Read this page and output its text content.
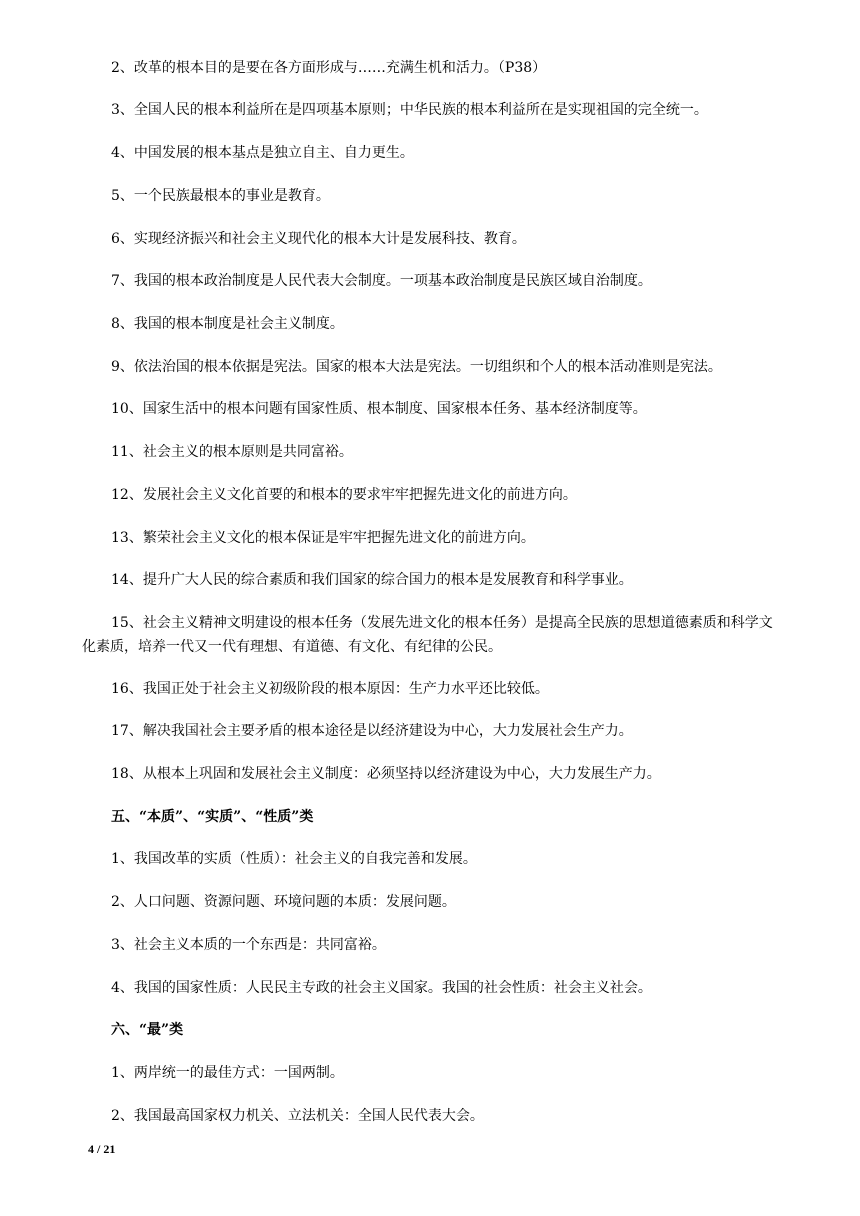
2、改革的根本目的是要在各方面形成与……充满生机和活力。（P38）
3、全国人民的根本利益所在是四项基本原则；中华民族的根本利益所在是实现祖国的完全统一。
4、中国发展的根本基点是独立自主、自力更生。
5、一个民族最根本的事业是教育。
6、实现经济振兴和社会主义现代化的根本大计是发展科技、教育。
7、我国的根本政治制度是人民代表大会制度。一项基本政治制度是民族区域自治制度。
8、我国的根本制度是社会主义制度。
9、依法治国的根本依据是宪法。国家的根本大法是宪法。一切组织和个人的根本活动准则是宪法。
10、国家生活中的根本问题有国家性质、根本制度、国家根本任务、基本经济制度等。
11、社会主义的根本原则是共同富裕。
12、发展社会主义文化首要的和根本的要求牢牢把握先进文化的前进方向。
13、繁荣社会主义文化的根本保证是牢牢把握先进文化的前进方向。
14、提升广大人民的综合素质和我们国家的综合国力的根本是发展教育和科学事业。
15、社会主义精神文明建设的根本任务（发展先进文化的根本任务）是提高全民族的思想道德素质和科学文化素质，培养一代又一代有理想、有道德、有文化、有纪律的公民。
16、我国正处于社会主义初级阶段的根本原因：生产力水平还比较低。
17、解决我国社会主要矛盾的根本途径是以经济建设为中心，大力发展社会生产力。
18、从根本上巩固和发展社会主义制度：必须坚持以经济建设为中心，大力发展生产力。
五、“本质”、“实质”、“性质”类
1、我国改革的实质（性质）：社会主义的自我完善和发展。
2、人口问题、资源问题、环境问题的本质：发展问题。
3、社会主义本质的一个东西是：共同富裕。
4、我国的国家性质：人民民主专政的社会主义国家。我国的社会性质：社会主义社会。
六、“最”类
1、两岸统一的最佳方式：一国两制。
2、我国最高国家权力机关、立法机关：全国人民代表大会。
4 / 21
